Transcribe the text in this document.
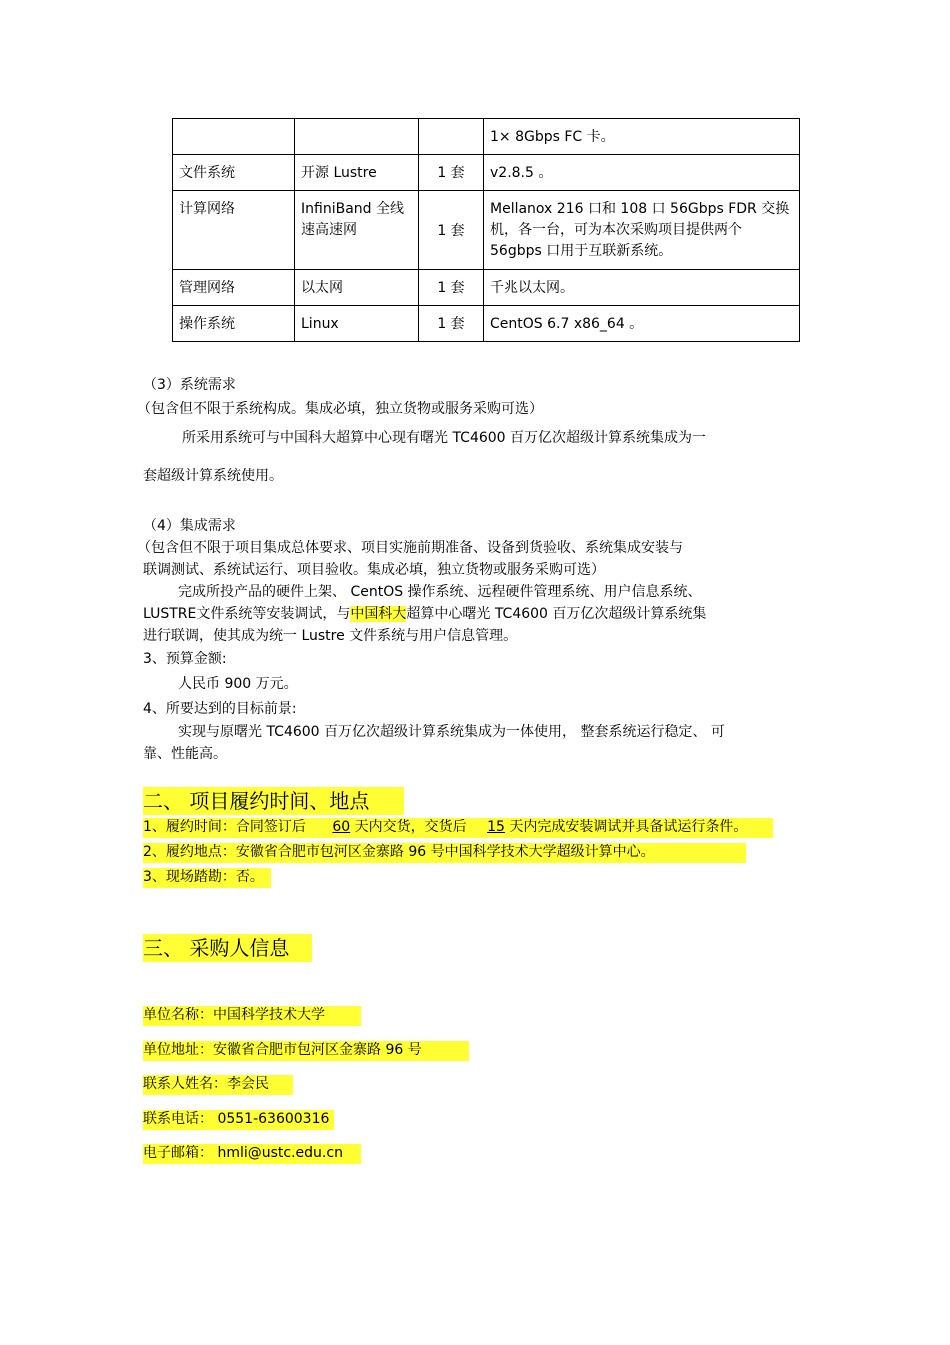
			1× 8Gbps FC 卡。
文件系统	开源 Lustre	1 套	v2.8.5 。
计算网络	InfiniBand 全线速高速网	1 套	Mellanox 216 口和 108 口 56Gbps FDR 交换机，各一台，可为本次采购项目提供两个 56gbps 口用于互联新系统。
管理网络	以太网	1 套	千兆以太网。
操作系统	Linux	1 套	CentOS 6.7 x86_64 。
（3）系统需求
（包含但不限于系统构成。集成必填，独立货物或服务采购可选）
所采用系统可与中国科大超算中心现有曙光 TC4600 百万亿次超级计算系统集成为一
套超级计算系统使用。
（4）集成需求
（包含但不限于项目集成总体要求、项目实施前期准备、设备到货验收、系统集成安装与
联调测试、系统试运行、项目验收。集成必填，独立货物或服务采购可选）
完成所投产品的硬件上架、 CentOS 操作系统、远程硬件管理系统、用户信息系统、
LUSTRE文件系统等安装调试，与中国科大超算中心曙光 TC4600 百万亿次超级计算系统集
进行联调，使其成为统一 Lustre 文件系统与用户信息管理。
3、预算金额:
人民币 900 万元。
4、所要达到的目标前景:
实现与原曙光 TC4600 百万亿次超级计算系统集成为一体使用， 整套系统运行稳定、 可
靠、性能高。
二、 项目履约时间、地点
1、履约时间：合同签订后 60 天内交货，交货后 15 天内完成安装调试并具备试运行条件。
2、履约地点：安徽省合肥市包河区金寨路 96 号中国科学技术大学超级计算中心。
3、现场踏勘：否。
三、 采购人信息
单位名称：中国科学技术大学
单位地址：安徽省合肥市包河区金寨路 96 号
联系人姓名：李会民
联系电话： 0551-63600316
电子邮箱： hmli@ustc.edu.cn
